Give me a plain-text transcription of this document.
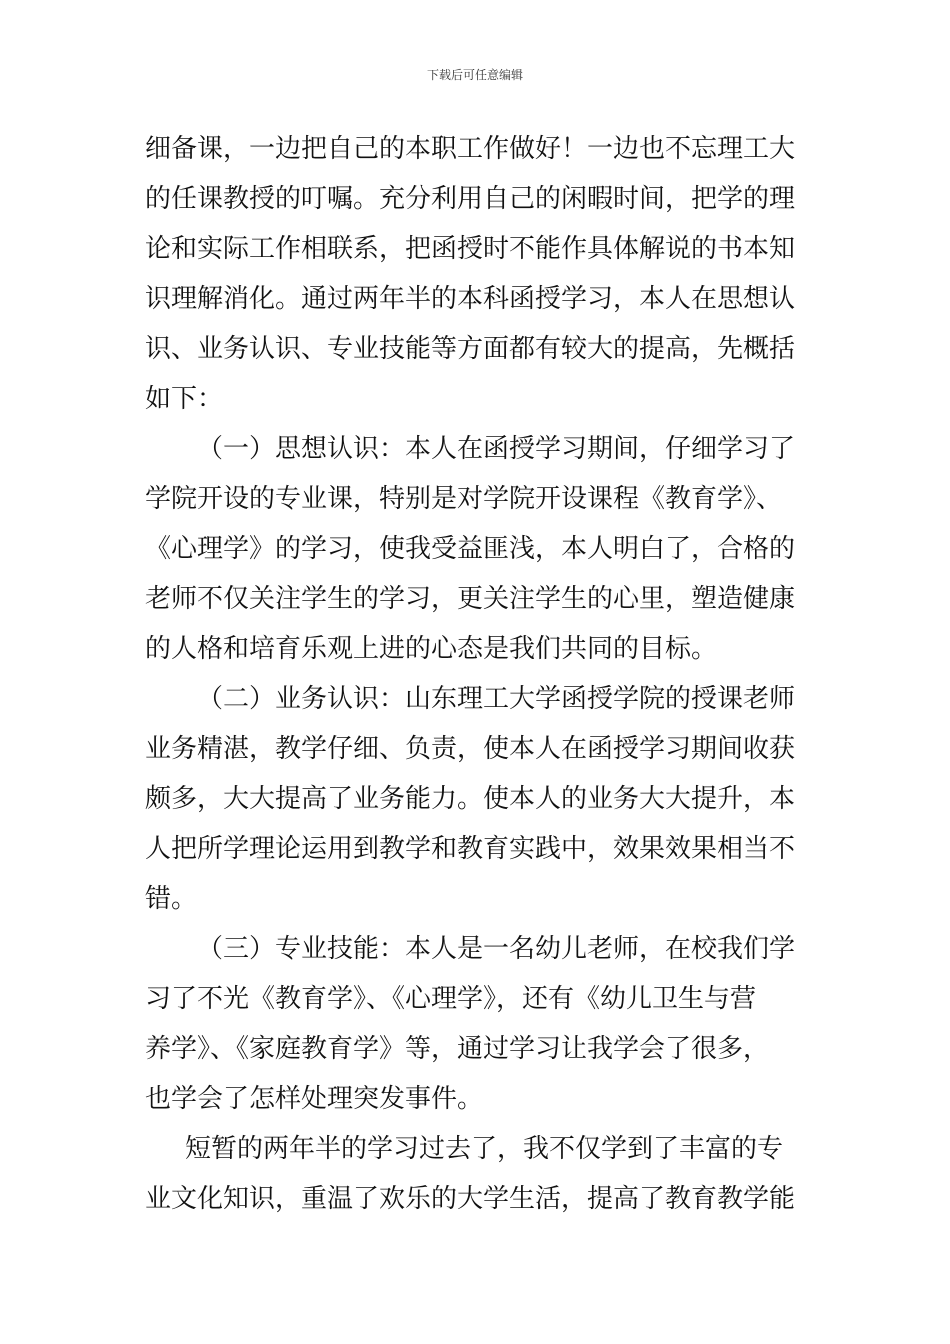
下载后可任意编辑
细备课，一边把自己的本职工作做好！一边也不忘理工大
的任课教授的叮嘱。充分利用自己的闲暇时间，把学的理
论和实际工作相联系，把函授时不能作具体解说的书本知
识理解消化。通过两年半的本科函授学习，本人在思想认
识、业务认识、专业技能等方面都有较大的提高，先概括
如下：
（一）思想认识：本人在函授学习期间，仔细学习了
学院开设的专业课，特别是对学院开设课程《教育学》、
《心理学》的学习，使我受益匪浅，本人明白了，合格的
老师不仅关注学生的学习，更关注学生的心里，塑造健康
的人格和培育乐观上进的心态是我们共同的目标。
（二）业务认识：山东理工大学函授学院的授课老师
业务精湛，教学仔细、负责，使本人在函授学习期间收获
颇多，大大提高了业务能力。使本人的业务大大提升，本
人把所学理论运用到教学和教育实践中，效果效果相当不
错。
（三）专业技能：本人是一名幼儿老师，在校我们学
习了不光《教育学》、《心理学》，还有《幼儿卫生与营
养学》、《家庭教育学》等，通过学习让我学会了很多，
也学会了怎样处理突发事件。
短暂的两年半的学习过去了，我不仅学到了丰富的专
业文化知识，重温了欢乐的大学生活，提高了教育教学能
